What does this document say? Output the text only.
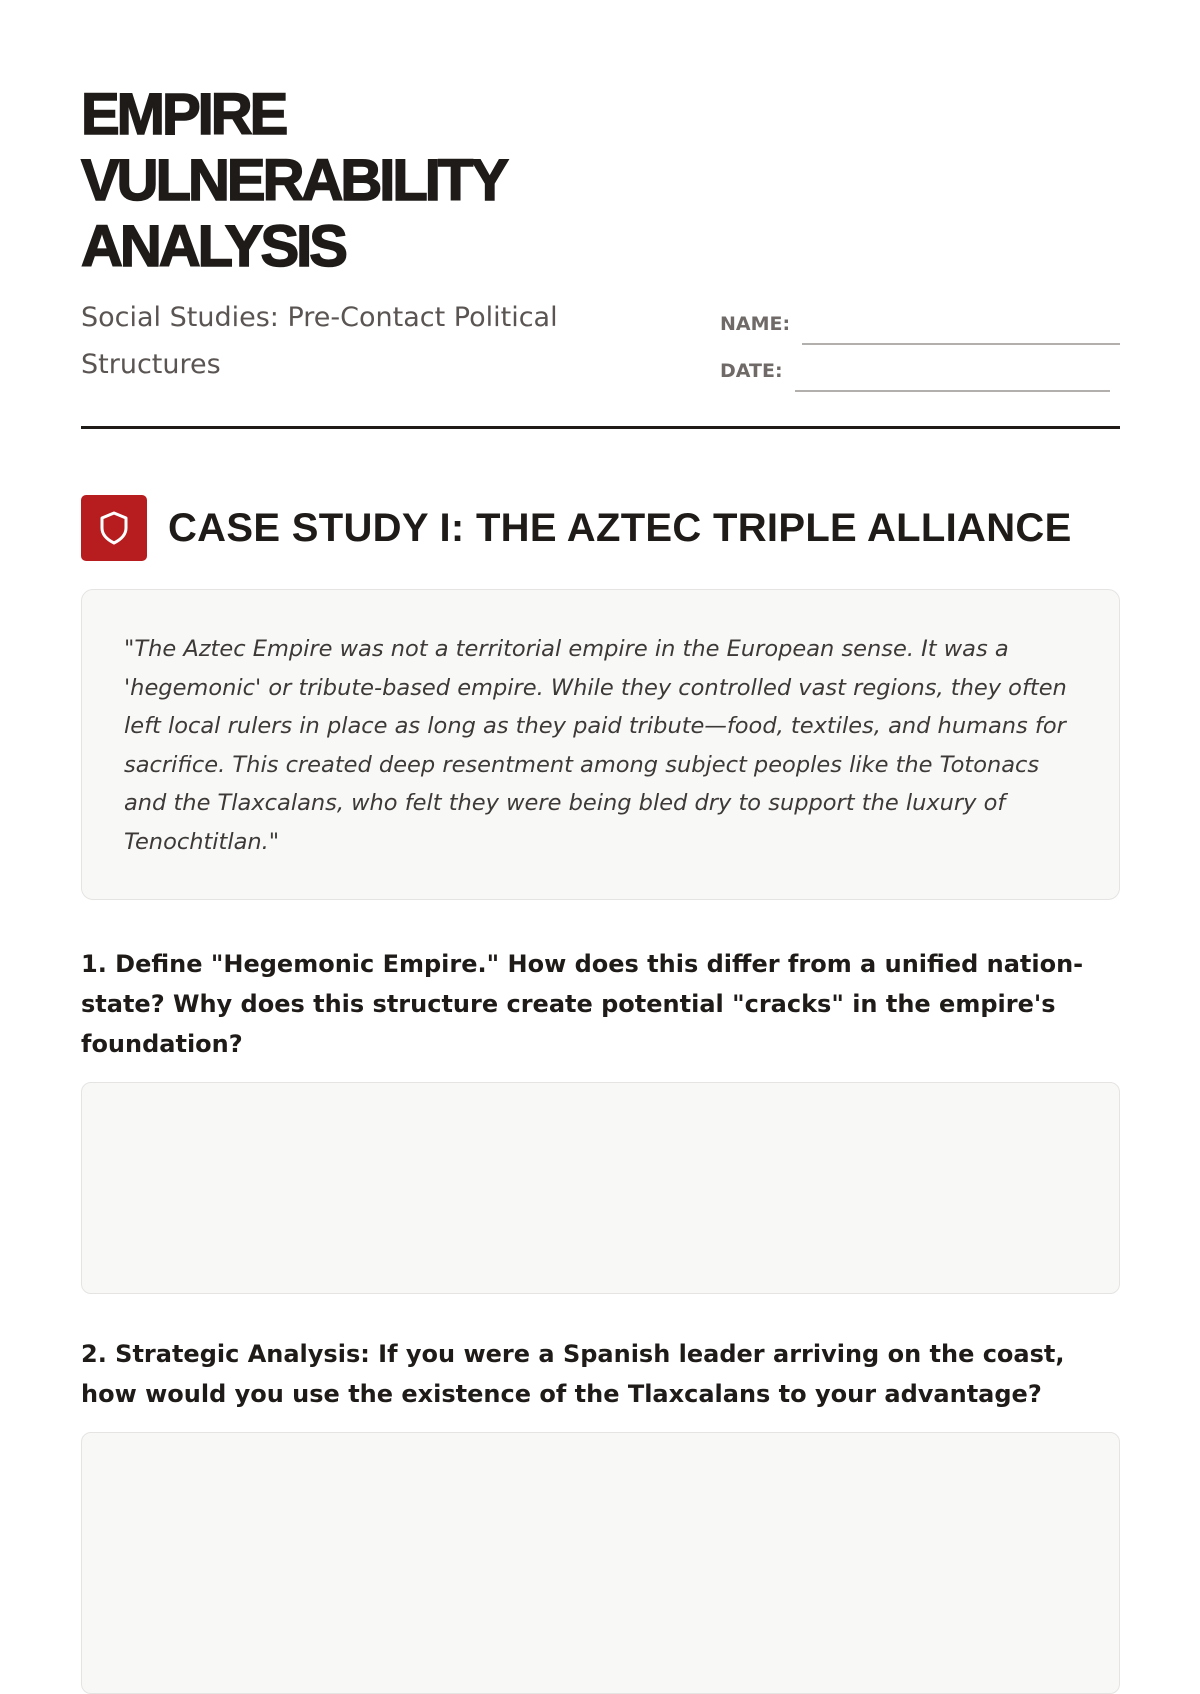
EMPIRE VULNERABILITY ANALYSIS
Social Studies: Pre-Contact Political Structures
NAME:
DATE:
CASE STUDY I: THE AZTEC TRIPLE ALLIANCE
"The Aztec Empire was not a territorial empire in the European sense. It was a 'hegemonic' or tribute-based empire. While they controlled vast regions, they often left local rulers in place as long as they paid tribute—food, textiles, and humans for sacrifice. This created deep resentment among subject peoples like the Totonacs and the Tlaxcalans, who felt they were being bled dry to support the luxury of Tenochtitlan."
1. Define "Hegemonic Empire." How does this differ from a unified nation-state? Why does this structure create potential "cracks" in the empire's foundation?
2. Strategic Analysis: If you were a Spanish leader arriving on the coast, how would you use the existence of the Tlaxcalans to your advantage?
